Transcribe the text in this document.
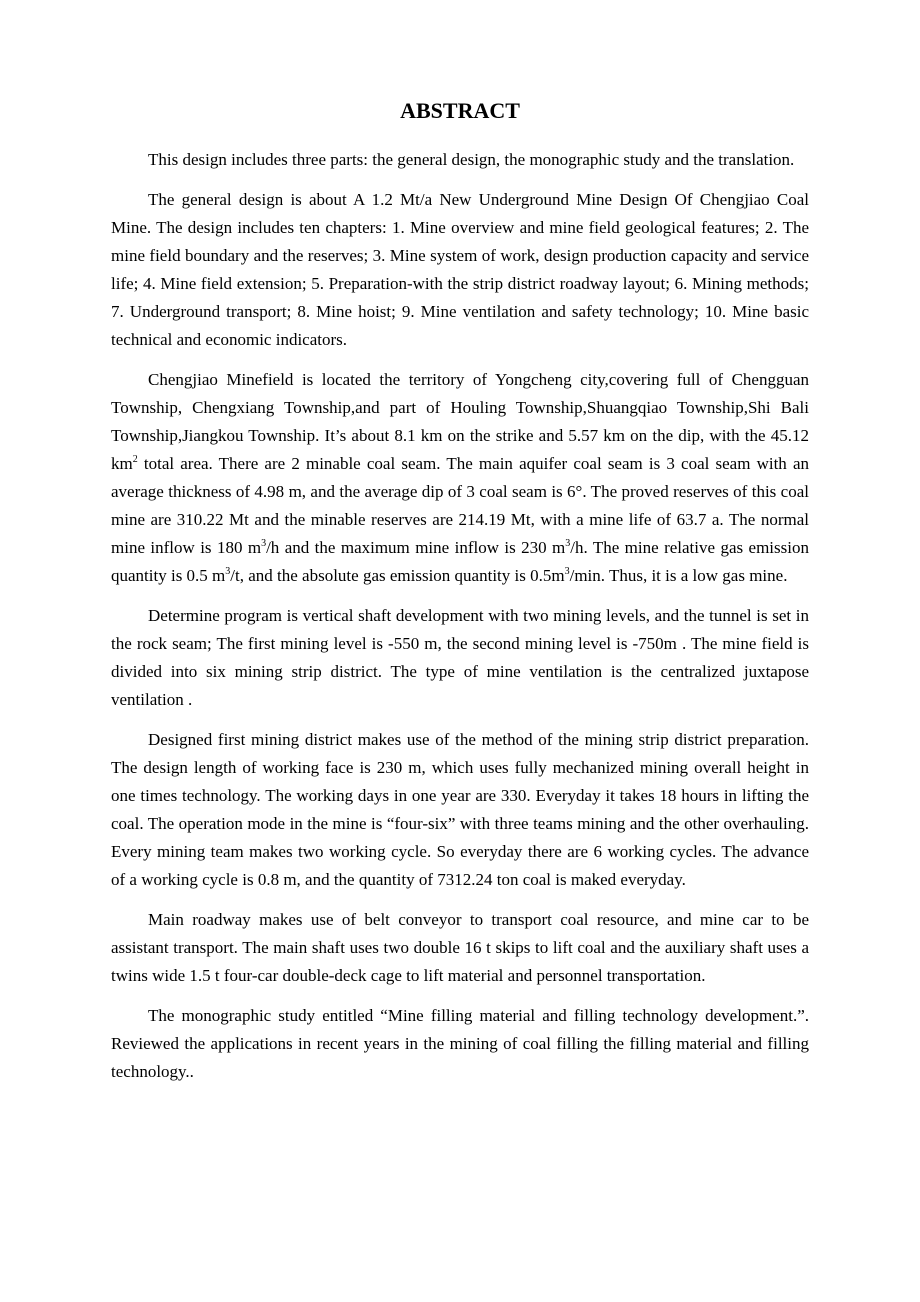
ABSTRACT

This design includes three parts: the general design, the monographic study and the translation.

The general design is about A 1.2 Mt/a New Underground Mine Design Of Chengjiao Coal Mine. The design includes ten chapters: 1. Mine overview and mine field geological features; 2. The mine field boundary and the reserves; 3. Mine system of work, design production capacity and service life; 4. Mine field extension; 5. Preparation-with the strip district roadway layout; 6. Mining methods; 7. Underground transport; 8. Mine hoist; 9. Mine ventilation and safety technology; 10. Mine basic technical and economic indicators.

Chengjiao Minefield is located the territory of Yongcheng city,covering full of Chengguan Township, Chengxiang Township,and part of Houling Township,Shuangqiao Township,Shi Bali Township,Jiangkou Township. It’s about 8.1 km on the strike and 5.57 km on the dip, with the 45.12 $km^2$ total area. There are 2 minable coal seam. The main aquifer coal seam is 3 coal seam with an average thickness of 4.98 m, and the average dip of 3 coal seam is 6°. The proved reserves of this coal mine are 310.22 Mt and the minable reserves are 214.19 Mt, with a mine life of 63.7 a. The normal mine inflow is 180 $m^3/h$ and the maximum mine inflow is 230 $m^3/h$. The mine relative gas emission quantity is 0.5 $m^3/t$, and the absolute gas emission quantity is $0.5m^3/\min$. Thus, it is a low gas mine.

Determine program is vertical shaft development with two mining levels, and the tunnel is set in the rock seam; The first mining level is -550 m, the second mining level is -750m . The mine field is divided into six mining strip district. The type of mine ventilation is the centralized juxtapose ventilation .

Designed first mining district makes use of the method of the mining strip district preparation. The design length of working face is 230 m, which uses fully mechanized mining overall height in one times technology. The working days in one year are 330. Everyday it takes 18 hours in lifting the coal. The operation mode in the mine is “four-six” with three teams mining and the other overhauling. Every mining team makes two working cycle. So everyday there are 6 working cycles. The advance of a working cycle is 0.8 m, and the quantity of 7312.24 ton coal is maked everyday.

Main roadway makes use of belt conveyor to transport coal resource, and mine car to be assistant transport. The main shaft uses two double 16 t skips to lift coal and the auxiliary shaft uses a twins wide 1.5 t four-car double-deck cage to lift material and personnel transportation.

The monographic study entitled “Mine filling material and filling technology development.”. Reviewed the applications in recent years in the mining of coal filling the filling material and filling technology..
